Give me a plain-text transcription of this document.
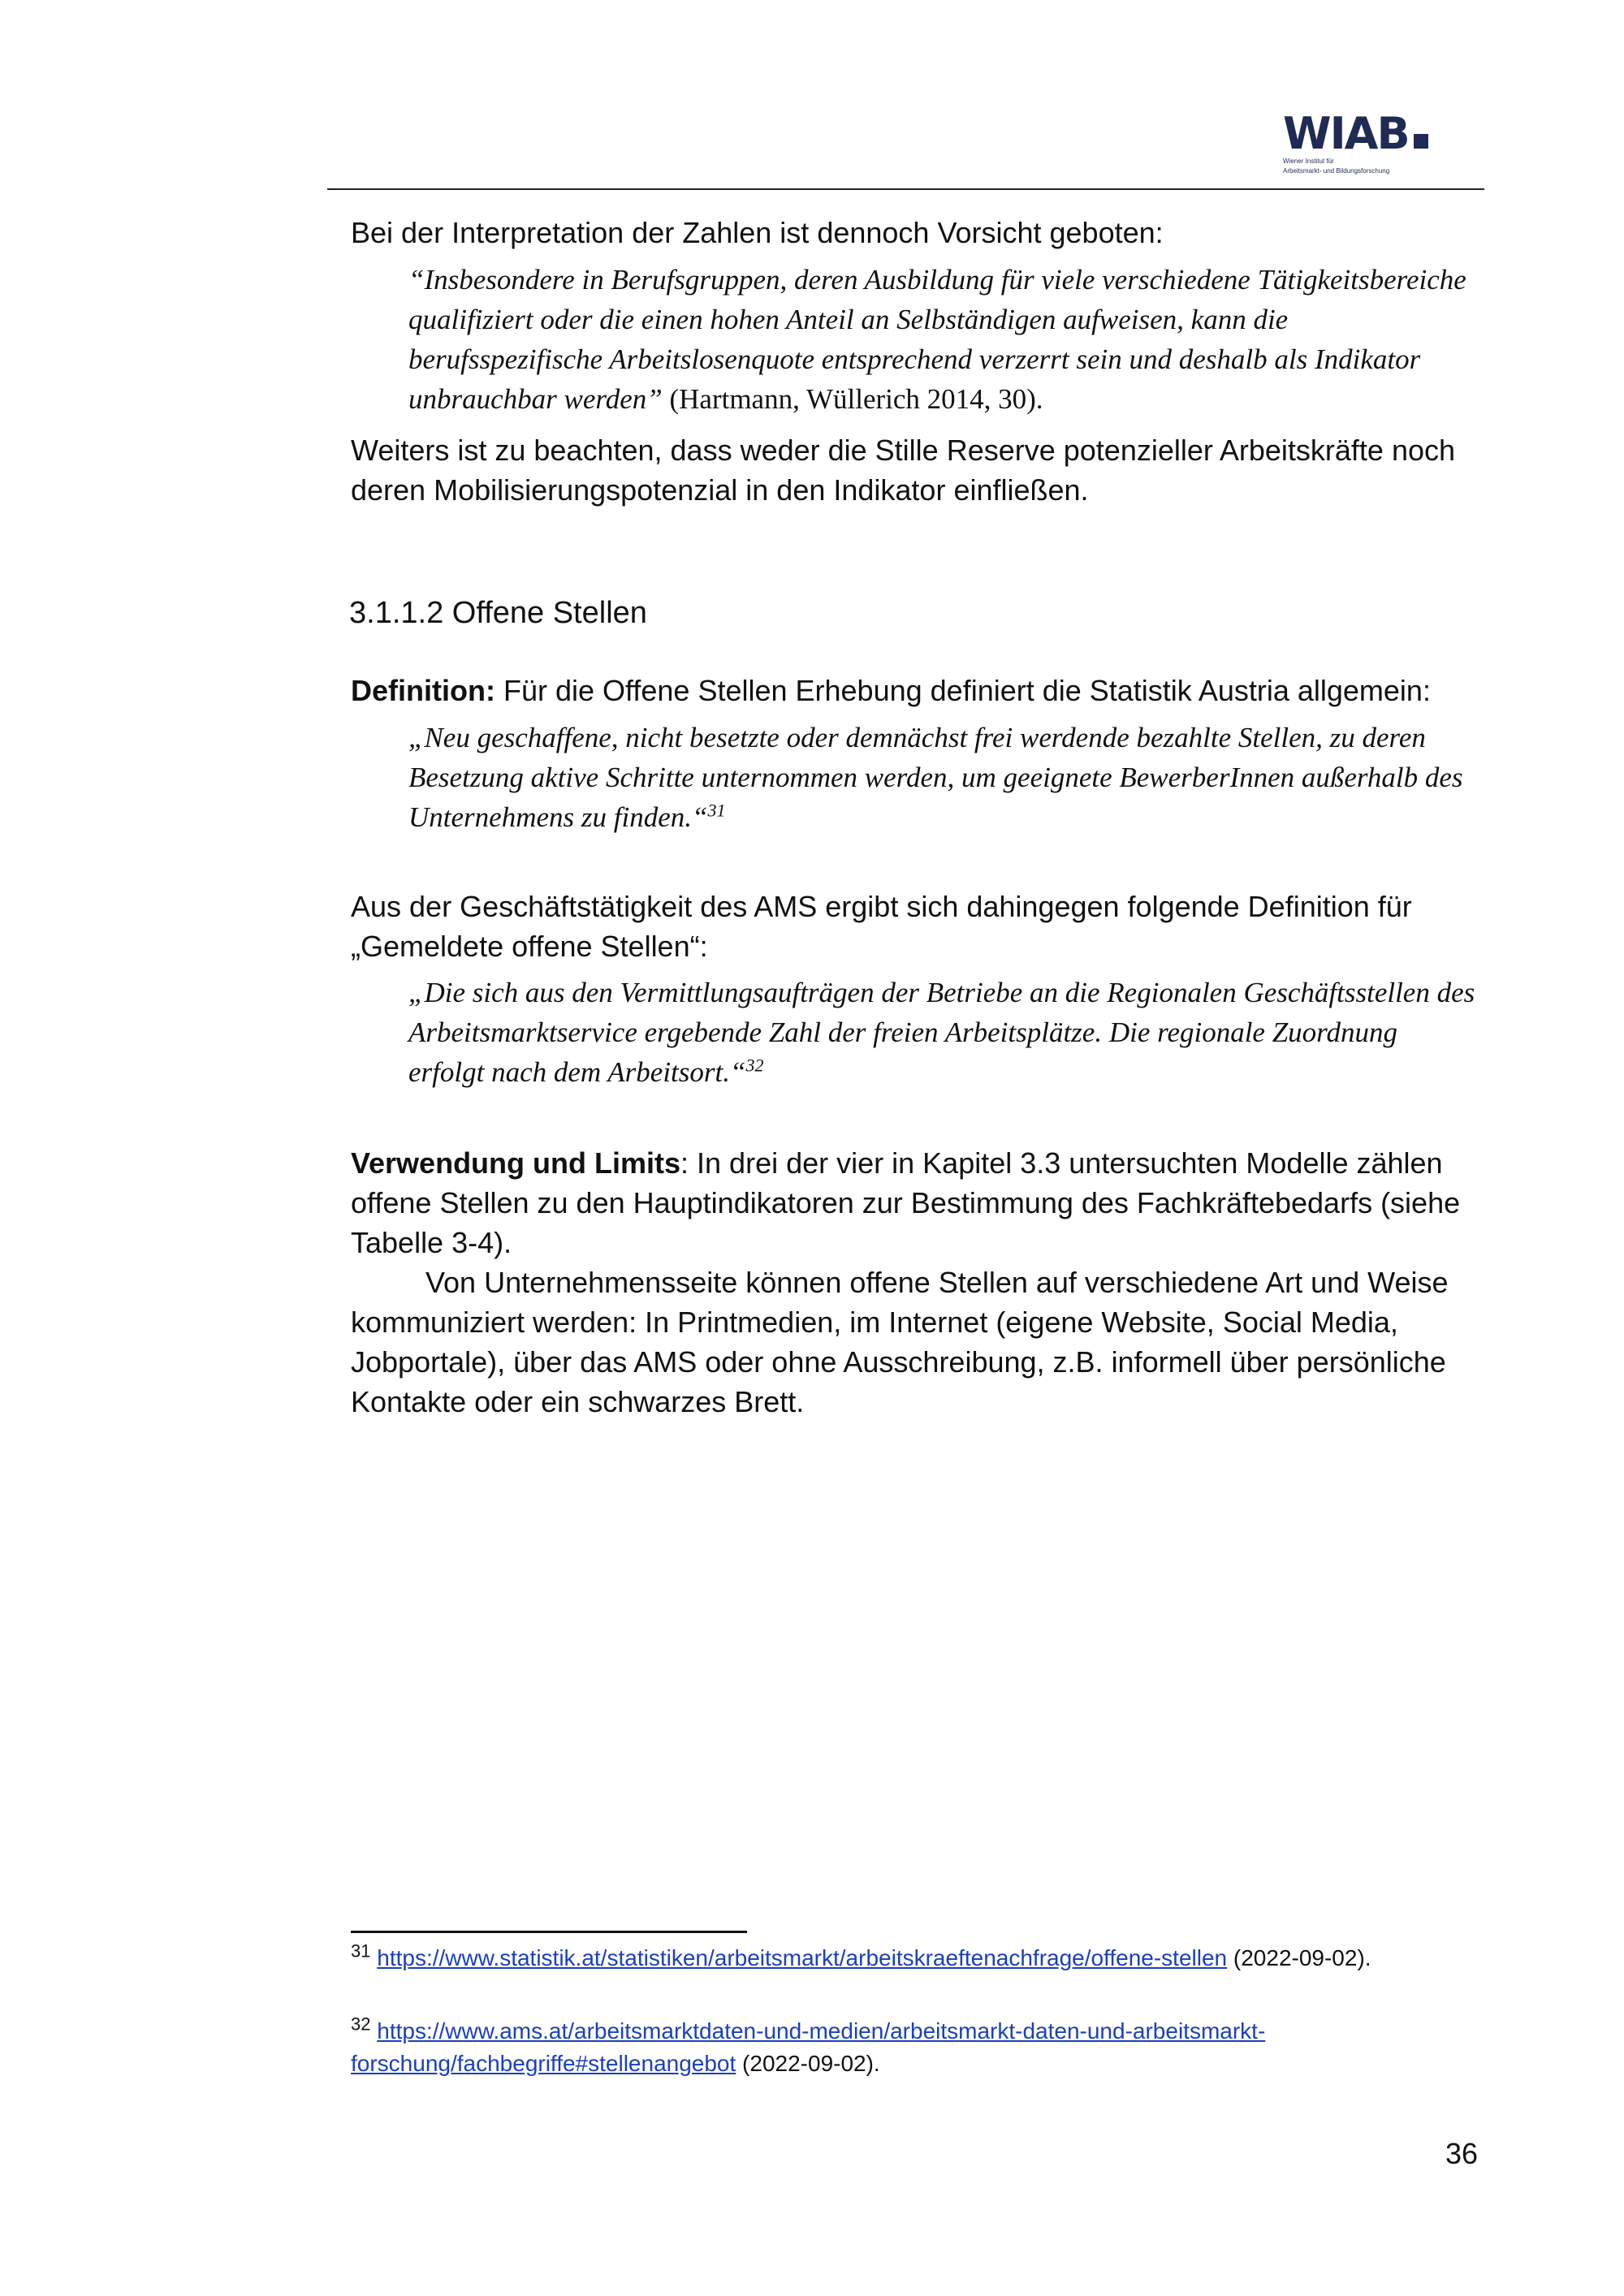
WIAB
Wiener Institut für
Arbeitsmarkt- und Bildungsforschung
Bei der Interpretation der Zahlen ist dennoch Vorsicht geboten:
“Insbesondere in Berufsgruppen, deren Ausbildung für viele verschiedene Tätigkeitsbereiche qualifiziert oder die einen hohen Anteil an Selbständigen aufweisen, kann die berufsspezifische Arbeitslosenquote entsprechend verzerrt sein und deshalb als Indikator unbrauchbar werden” (Hartmann, Wüllerich 2014, 30).
Weiters ist zu beachten, dass weder die Stille Reserve potenzieller Arbeitskräfte noch deren Mobilisierungspotenzial in den Indikator einfließen.
3.1.1.2 Offene Stellen
Definition: Für die Offene Stellen Erhebung definiert die Statistik Austria allgemein:
„Neu geschaffene, nicht besetzte oder demnächst frei werdende bezahlte Stellen, zu deren Besetzung aktive Schritte unternommen werden, um geeignete BewerberInnen außerhalb des Unternehmens zu finden.“$^{31}$
Aus der Geschäftstätigkeit des AMS ergibt sich dahingegen folgende Definition für „Gemeldete offene Stellen“:
„Die sich aus den Vermittlungsaufträgen der Betriebe an die Regionalen Geschäftsstellen des Arbeitsmarktservice ergebende Zahl der freien Arbeitsplätze. Die regionale Zuordnung erfolgt nach dem Arbeitsort.“$^{32}$
Verwendung und Limits: In drei der vier in Kapitel 3.3 untersuchten Modelle zählen offene Stellen zu den Hauptindikatoren zur Bestimmung des Fachkräftebedarfs (siehe Tabelle 3-4).
Von Unternehmensseite können offene Stellen auf verschiedene Art und Weise kommuniziert werden: In Printmedien, im Internet (eigene Website, Social Media, Jobportale), über das AMS oder ohne Ausschreibung, z.B. informell über persönliche Kontakte oder ein schwarzes Brett.
$^{31}$ https://www.statistik.at/statistiken/arbeitsmarkt/arbeitskraeftenachfrage/offene-stellen (2022-09-02).
$^{32}$ https://www.ams.at/arbeitsmarktdaten-und-medien/arbeitsmarkt-daten-und-arbeitsmarkt-forschung/fachbegriffe#stellenangebot (2022-09-02).
36
